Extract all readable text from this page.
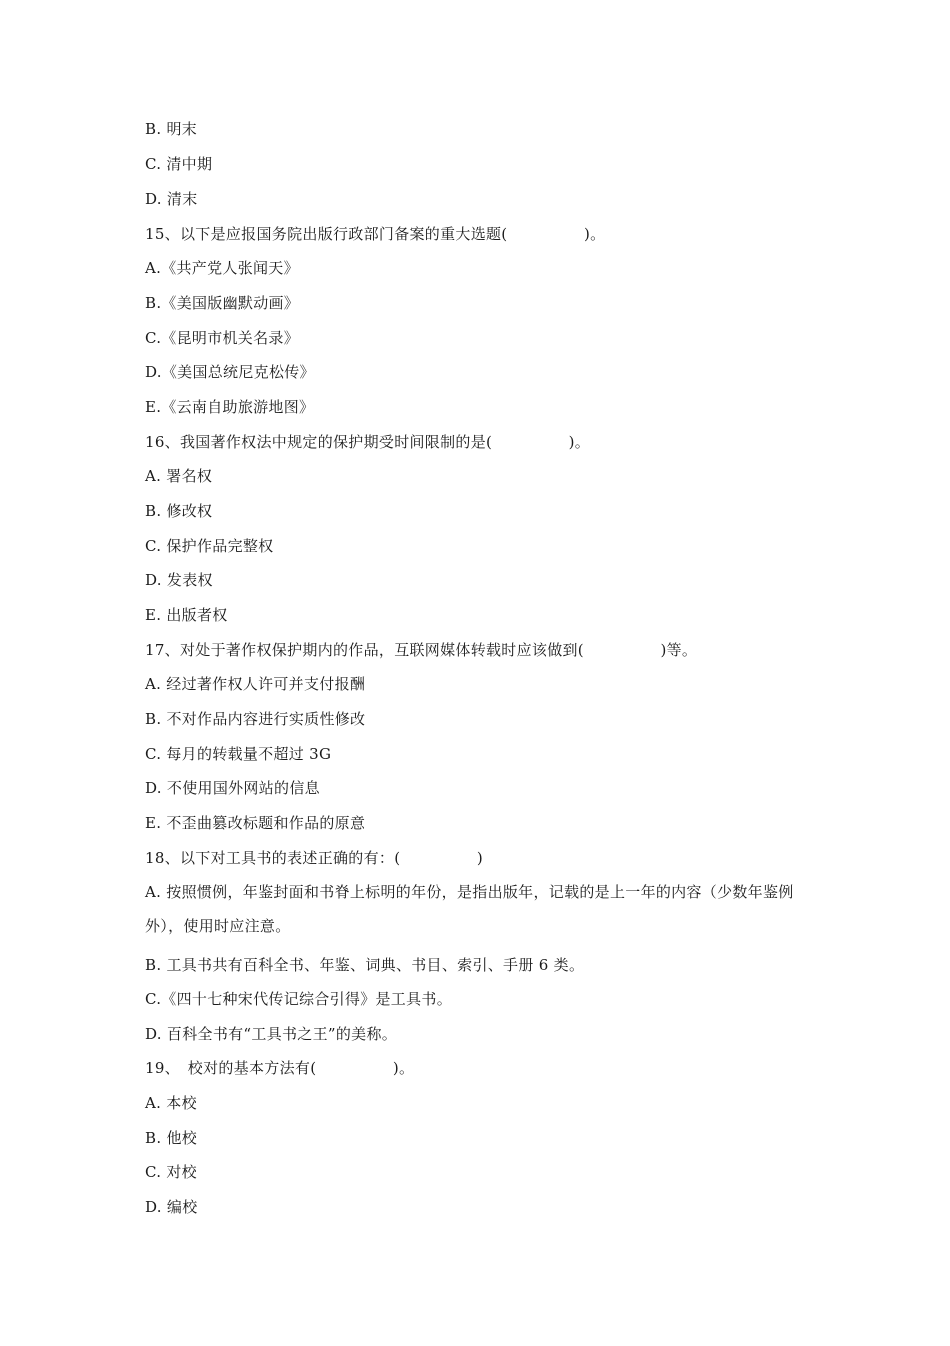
B. 明末
C. 清中期
D. 清末
15、以下是应报国务院出版行政部门备案的重大选题(　　　　　)。
A.《共产党人张闻天》
B.《美国版幽默动画》
C.《昆明市机关名录》
D.《美国总统尼克松传》
E.《云南自助旅游地图》
16、我国著作权法中规定的保护期受时间限制的是(　　　　　)。
A. 署名权
B. 修改权
C. 保护作品完整权
D. 发表权
E. 出版者权
17、对处于著作权保护期内的作品，互联网媒体转载时应该做到(　　　　　)等。
A. 经过著作权人许可并支付报酬
B. 不对作品内容进行实质性修改
C. 每月的转载量不超过 3G
D. 不使用国外网站的信息
E. 不歪曲篡改标题和作品的原意
18、以下对工具书的表述正确的有：(　　　　　)
A. 按照惯例，年鉴封面和书脊上标明的年份，是指出版年，记载的是上一年的内容（少数年鉴例外），使用时应注意。
B. 工具书共有百科全书、年鉴、词典、书目、索引、手册 6 类。
C.《四十七种宋代传记综合引得》是工具书。
D. 百科全书有“工具书之王”的美称。
19、　校对的基本方法有(　　　　　)。
A. 本校
B. 他校
C. 对校
D. 编校
